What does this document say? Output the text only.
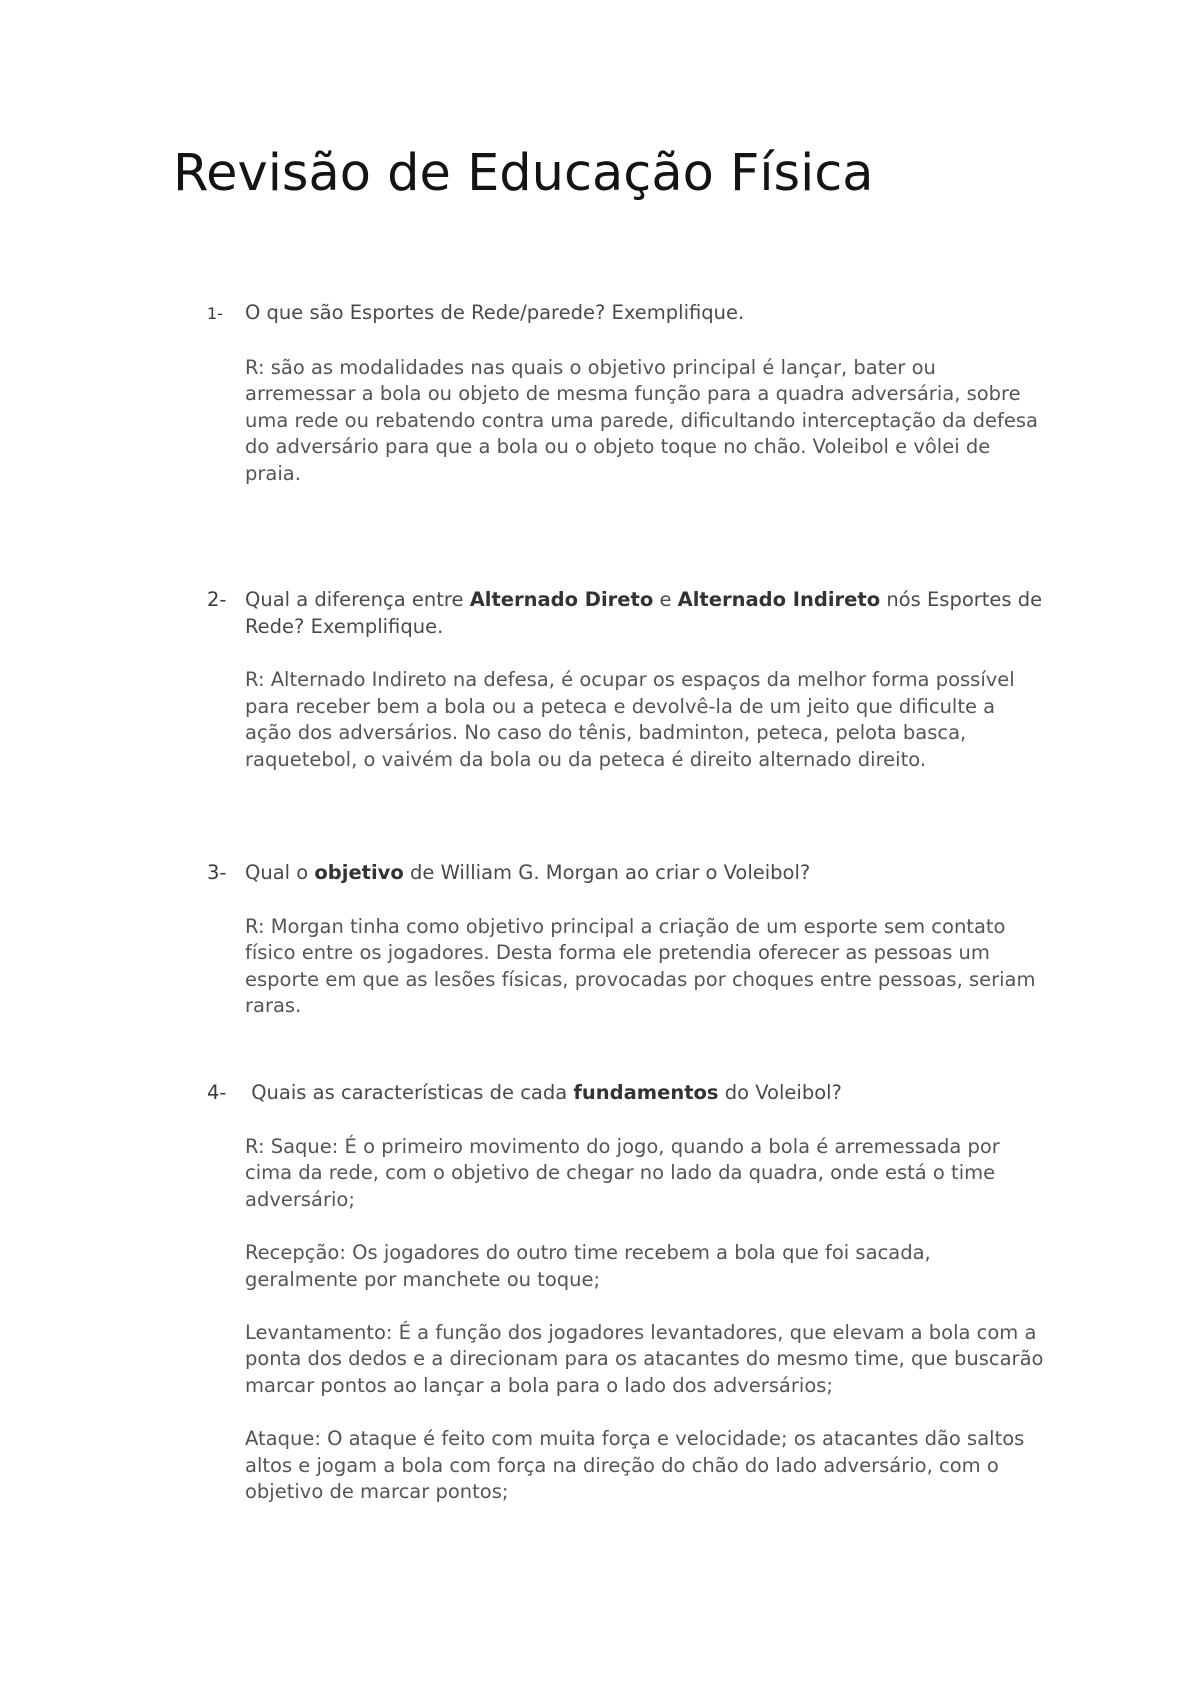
Revisão de Educação Física
1-	O que são Esportes de Rede/parede? Exemplifique.

R: são as modalidades nas quais o objetivo principal é lançar, bater ou arremessar a bola ou objeto de mesma função para a quadra adversária, sobre uma rede ou rebatendo contra uma parede, dificultando interceptação da defesa do adversário para que a bola ou o objeto toque no chão. Voleibol e vôlei de praia.

2- Qual a diferença entre Alternado Direto e Alternado Indireto nós Esportes de Rede? Exemplifique.

R: Alternado Indireto na defesa, é ocupar os espaços da melhor forma possível para receber bem a bola ou a peteca e devolvê-la de um jeito que dificulte a ação dos adversários. No caso do tênis, badminton, peteca, pelota basca, raquetebol, o vaivém da bola ou da peteca é direito alternado direito.

3- Qual o objetivo de William G. Morgan ao criar o Voleibol?

R: Morgan tinha como objetivo principal a criação de um esporte sem contato físico entre os jogadores. Desta forma ele pretendia oferecer as pessoas um esporte em que as lesões físicas, provocadas por choques entre pessoas, seriam raras.

4- Quais as características de cada fundamentos do Voleibol?

R: Saque: É o primeiro movimento do jogo, quando a bola é arremessada por cima da rede, com o objetivo de chegar no lado da quadra, onde está o time adversário;

Recepção: Os jogadores do outro time recebem a bola que foi sacada, geralmente por manchete ou toque;

Levantamento: É a função dos jogadores levantadores, que elevam a bola com a ponta dos dedos e a direcionam para os atacantes do mesmo time, que buscarão marcar pontos ao lançar a bola para o lado dos adversários;

Ataque: O ataque é feito com muita força e velocidade; os atacantes dão saltos altos e jogam a bola com força na direção do chão do lado adversário, com o objetivo de marcar pontos;
